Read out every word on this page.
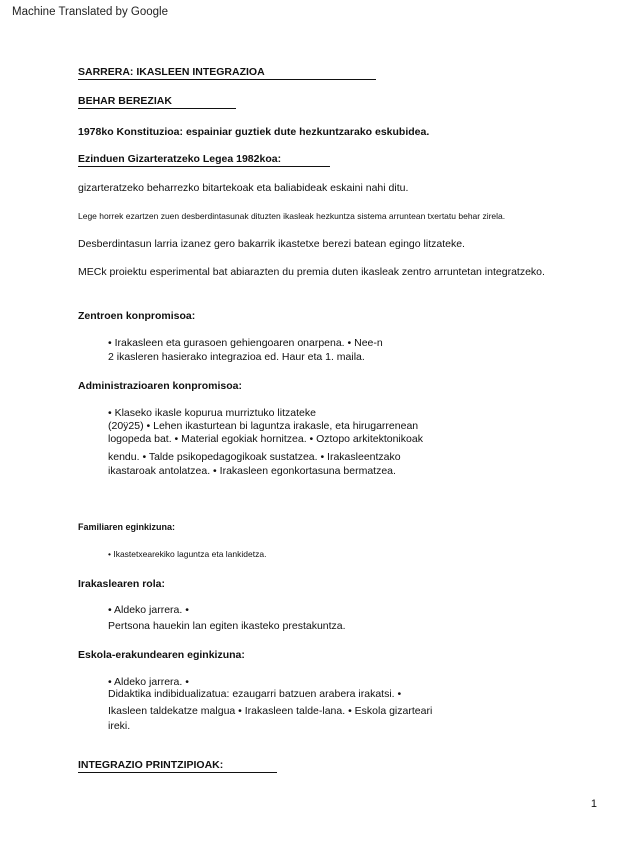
Machine Translated by Google
SARRERA: IKASLEEN INTEGRAZIOA
BEHAR BEREZIAK
1978ko Konstituzioa: espainiar guztiek dute hezkuntzarako eskubidea.
Ezinduen Gizarteratzeko Legea 1982koa:
gizarteratzeko beharrezko bitartekoak eta baliabideak eskaini nahi ditu.
Lege horrek ezartzen zuen desberdintasunak dituzten ikasleak hezkuntza sistema arruntean txertatu behar zirela.
Desberdintasun larria izanez gero bakarrik ikastetxe berezi batean egingo litzateke.
MECk proiektu esperimental bat abiarazten du premia duten ikasleak zentro arruntetan integratzeko.
Zentroen konpromisoa:
• Irakasleen eta gurasoen gehiengoaren onarpena. • Nee-n
2 ikasleren hasierako integrazioa ed. Haur eta 1. maila.
Administrazioaren konpromisoa:
• Klaseko ikasle kopurua murriztuko litzateke
(20ÿ25) • Lehen ikasturtean bi laguntza irakasle, eta hirugarrenean
logopeda bat. • Material egokiak hornitzea. • Oztopo arkitektonikoak
kendu. • Talde psikopedagogikoak sustatzea. • Irakasleentzako
ikastaroak antolatzea. • Irakasleen egonkortasuna bermatzea.
Familiaren eginkizuna:
• Ikastetxearekiko laguntza eta lankidetza.
Irakaslearen rola:
• Aldeko jarrera. •
Pertsona hauekin lan egiten ikasteko prestakuntza.
Eskola-erakundearen eginkizuna:
• Aldeko jarrera. •
Didaktika indibidualizatua: ezaugarri batzuen arabera irakatsi. •
Ikasleen taldekatze malgua • Irakasleen talde-lana. • Eskola gizarteari
ireki.
INTEGRAZIO PRINTZIPIOAK:
1
